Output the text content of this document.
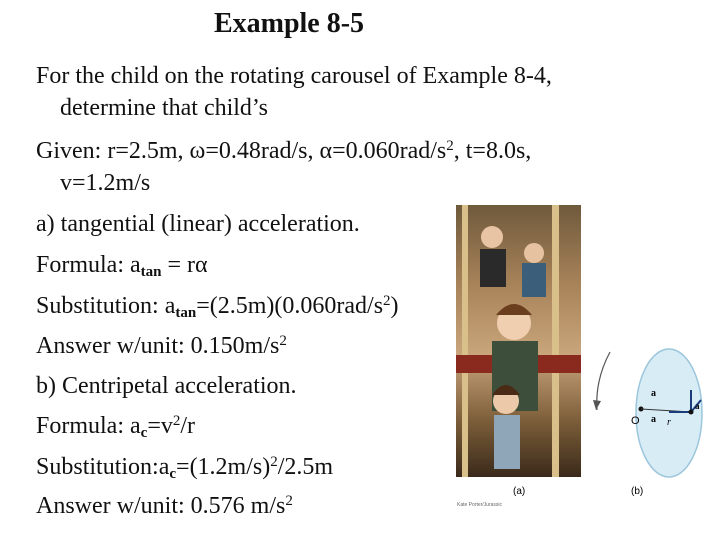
Example 8-5
For the child on the rotating carousel of Example 8-4,
determine that child’s
Given: r=2.5m, ω=0.48rad/s, $\alpha=0.060rad/s^2$, t=8.0s,
v=1.2m/s
a) tangential (linear) acceleration.
Formula: $a_{tan} = r\alpha$
Substitution: $a_{tan}=(2.5m)(0.060rad/s^2)$
Answer w/unit: $0.150m/s^2$
b) Centripetal acceleration.
Formula: $a_c=v^2/r$
$Substitution:a_c=(1.2m/s)^2/2.5m$
Answer w/unit: 0.576 $m/s^2$
O	r
a
a
a
(a)	(b)
Kate Porter/Jurassic
